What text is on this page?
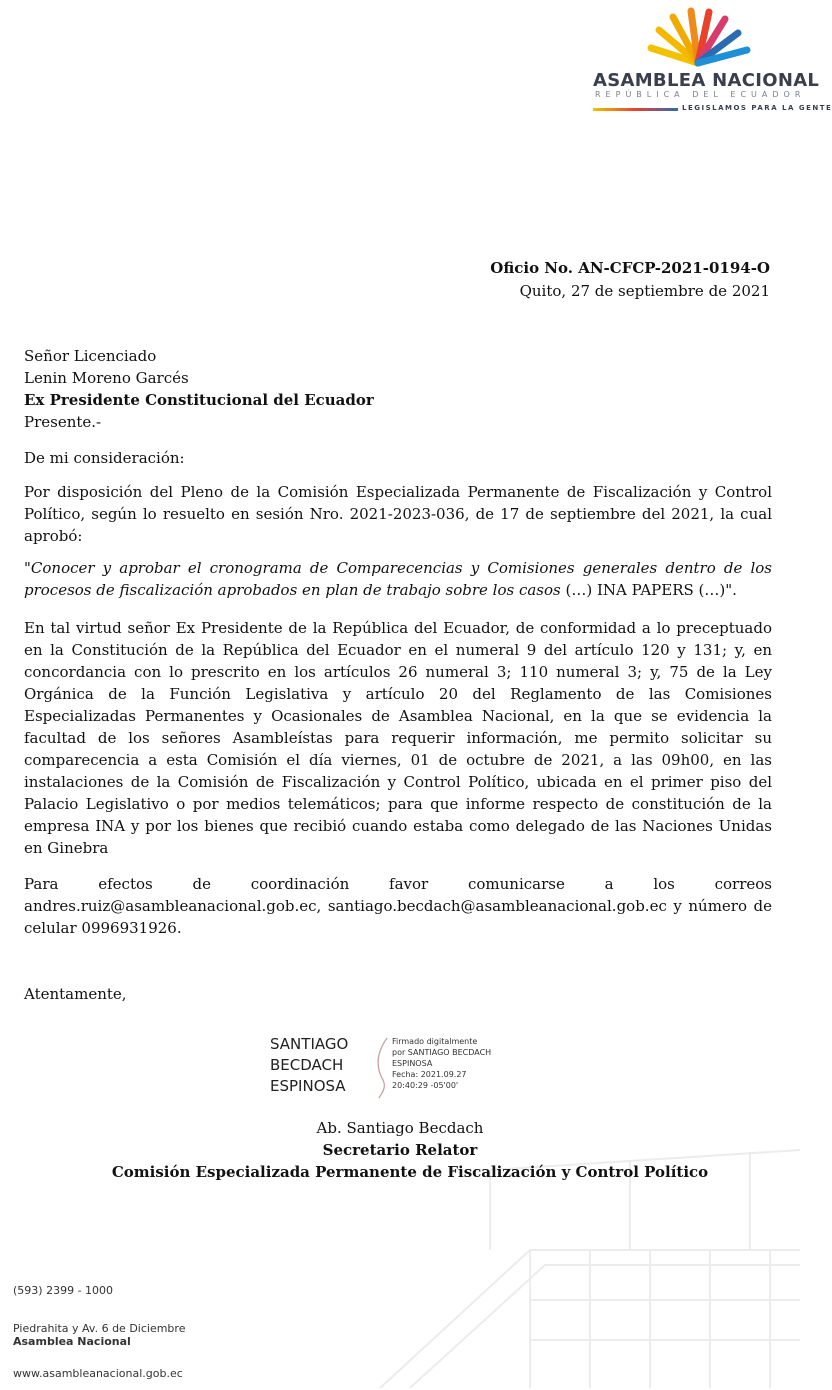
ASAMBLEA NACIONAL
REPÚBLICA DEL ECUADOR
LEGISLAMOS PARA LA GENTE
Oficio No. AN-CFCP-2021-0194-O
Quito, 27 de septiembre de 2021
Señor Licenciado
Lenin Moreno Garcés
Ex Presidente Constitucional del Ecuador
Presente.-

De mi consideración:

Por disposición del Pleno de la Comisión Especializada Permanente de Fiscalización y Control Político, según lo resuelto en sesión Nro. 2021-2023-036, de 17 de septiembre del 2021, la cual aprobó:

"Conocer y aprobar el cronograma de Comparecencias y Comisiones generales dentro de los procesos de fiscalización aprobados en plan de trabajo sobre los casos (…) INA PAPERS (…)".

En tal virtud señor Ex Presidente de la República del Ecuador, de conformidad a lo preceptuado en la Constitución de la República del Ecuador en el numeral 9 del artículo 120 y 131; y, en concordancia con lo prescrito en los artículos 26 numeral 3; 110 numeral 3; y, 75 de la Ley Orgánica de la Función Legislativa y artículo 20 del Reglamento de las Comisiones Especializadas Permanentes y Ocasionales de Asamblea Nacional, en la que se evidencia la facultad de los señores Asambleístas para requerir información, me permito solicitar su comparecencia a esta Comisión el día viernes, 01 de octubre de 2021, a las 09h00, en las instalaciones de la Comisión de Fiscalización y Control Político, ubicada en el primer piso del Palacio Legislativo o por medios telemáticos; para que informe respecto de constitución de la empresa INA y por los bienes que recibió cuando estaba como delegado de las Naciones Unidas en Ginebra

Para efectos de coordinación favor comunicarse a los correos andres.ruiz@asambleanacional.gob.ec, santiago.becdach@asambleanacional.gob.ec y número de celular 0996931926.

Atentamente,

SANTIAGO
BECDACH
ESPINOSA
Firmado digitalmente
por SANTIAGO BECDACH
ESPINOSA
Fecha: 2021.09.27
20:40:29 -05'00'
Ab. Santiago Becdach
Secretario Relator
Comisión Especializada Permanente de Fiscalización y Control Político
(593) 2399 - 1000
Piedrahita y Av. 6 de Diciembre
Asamblea Nacional
www.asambleanacional.gob.ec
